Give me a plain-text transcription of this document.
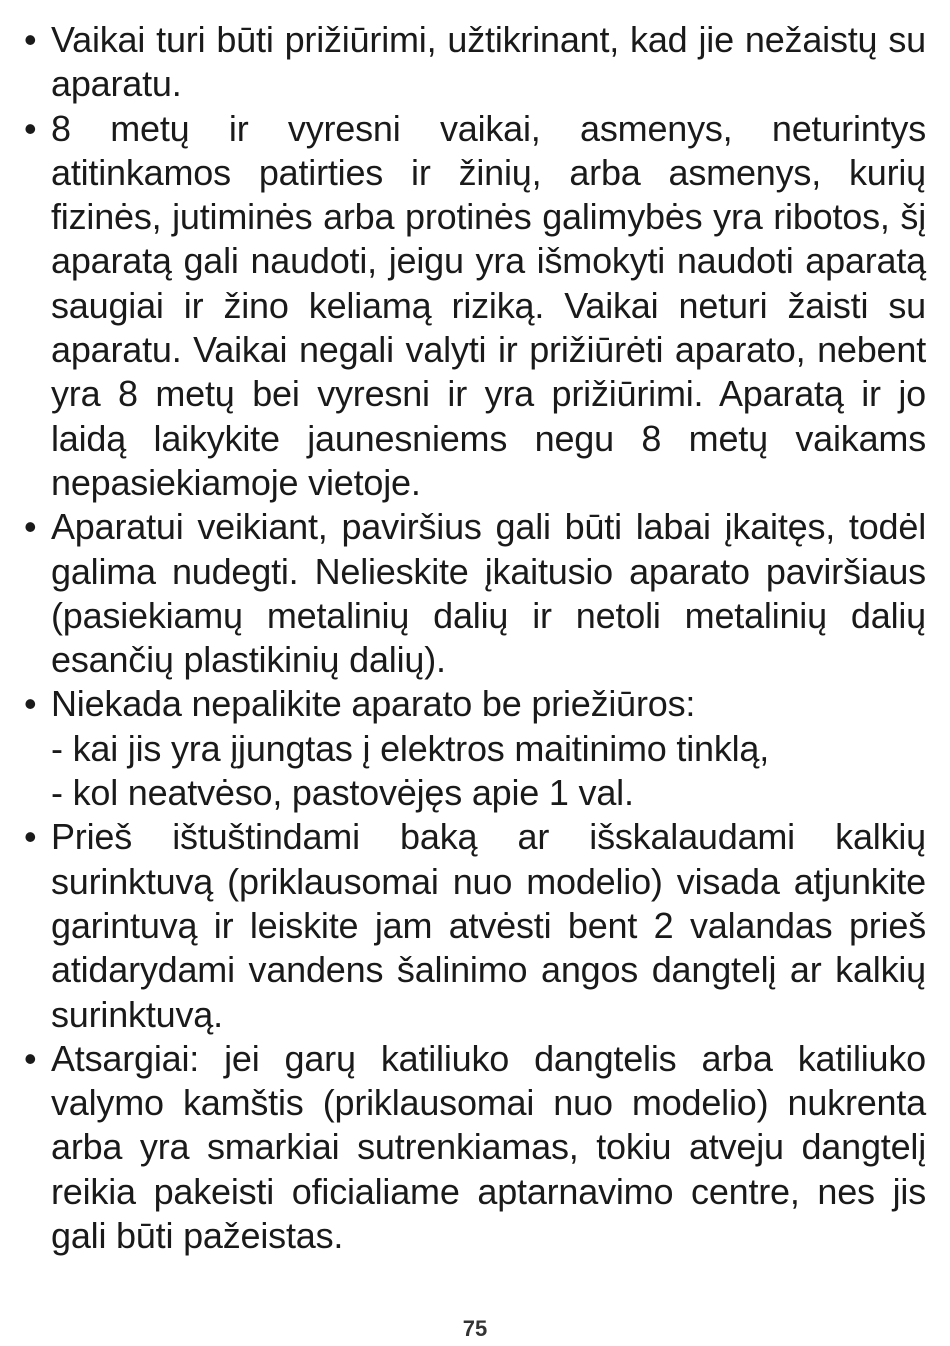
• Vaikai turi būti prižiūrimi, užtikrinant, kad jie nežaistų su aparatu.
• 8 metų ir vyresni vaikai, asmenys, neturintys atitinkamos patirties ir žinių, arba asmenys, kurių fizinės, jutiminės arba protinės galimybės yra ribotos, šį aparatą gali naudoti, jeigu yra išmokyti naudoti aparatą saugiai ir žino keliamą riziką. Vaikai neturi žaisti su aparatu. Vaikai negali valyti ir prižiūrėti aparato, nebent yra 8 metų bei vyresni ir yra prižiūrimi. Aparatą ir jo laidą laikykite jaunesniems negu 8 metų vaikams nepasiekiamoje vietoje.
• Aparatui veikiant, paviršius gali būti labai įkaitęs, todėl galima nudegti. Nelieskite įkaitusio aparato paviršiaus (pasiekiamų metalinių dalių ir netoli metalinių dalių esančių plastikinių dalių).
• Niekada nepalikite aparato be priežiūros:
- kai jis yra įjungtas į elektros maitinimo tinklą,
- kol neatvėso, pastovėjęs apie 1 val.
• Prieš ištuštindami baką ar išskalaudami kalkių surinktuvą (priklausomai nuo modelio) visada atjunkite garintuvą ir leiskite jam atvėsti bent 2 valandas prieš atidarydami vandens šalinimo angos dangtelį ar kalkių surinktuvą.
• Atsargiai: jei garų katiliuko dangtelis arba katiliuko valymo kamštis (priklausomai nuo modelio) nukrenta arba yra smarkiai sutrenkiamas, tokiu atveju dangtelį reikia pakeisti oficialiame aptarnavimo centre, nes jis gali būti pažeistas.
75
